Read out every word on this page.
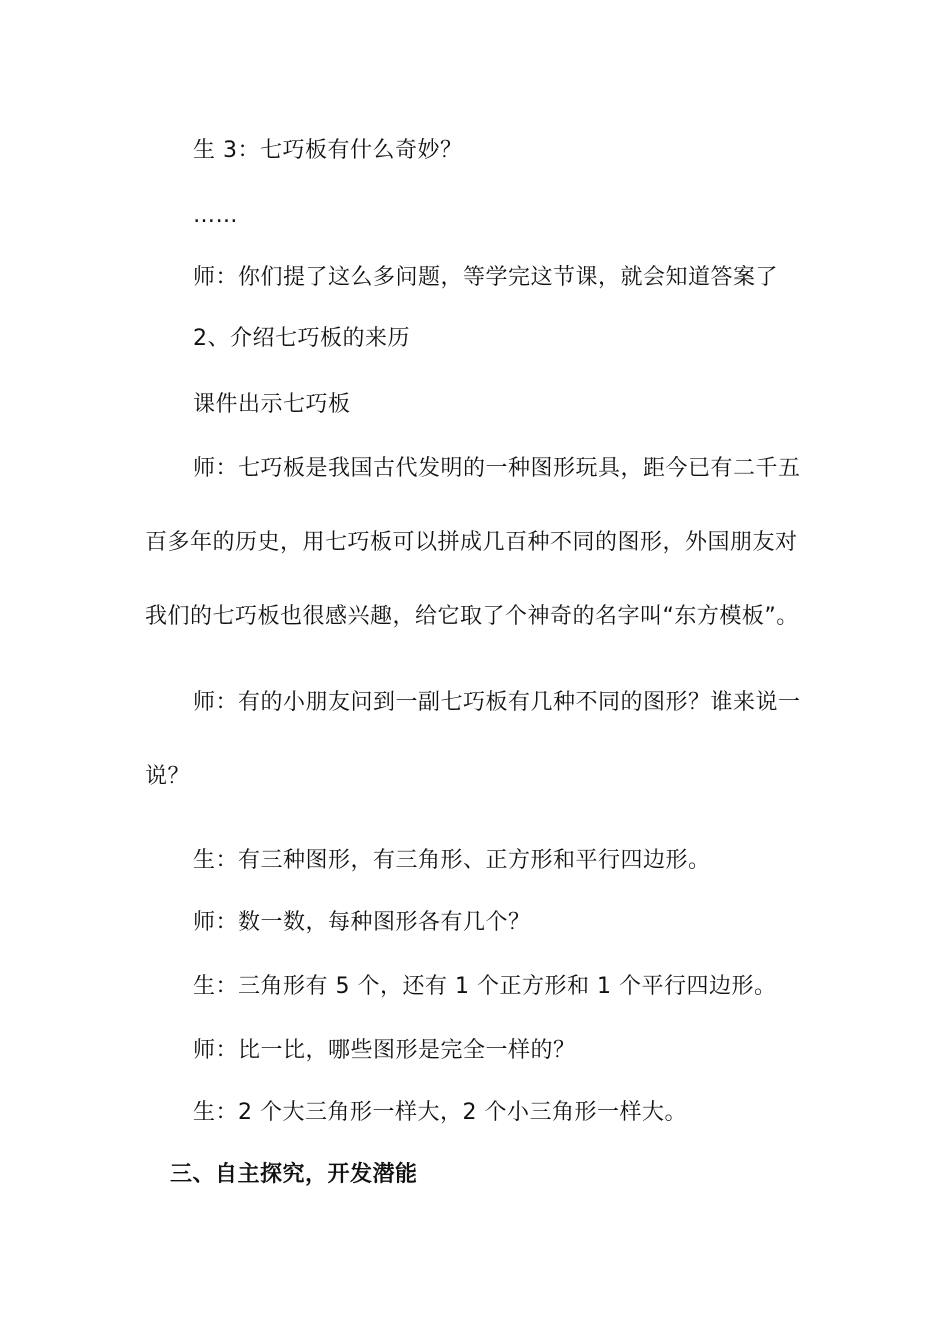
生 3：七巧板有什么奇妙？
……
师：你们提了这么多问题，等学完这节课，就会知道答案了
2、介绍七巧板的来历
课件出示七巧板
师：七巧板是我国古代发明的一种图形玩具，距今已有二千五
百多年的历史，用七巧板可以拼成几百种不同的图形，外国朋友对
我们的七巧板也很感兴趣，给它取了个神奇的名字叫“东方模板”。
师：有的小朋友问到一副七巧板有几种不同的图形？谁来说一
说？
生：有三种图形，有三角形、正方形和平行四边形。
师：数一数，每种图形各有几个？
生：三角形有 5 个，还有 1 个正方形和 1 个平行四边形。
师：比一比，哪些图形是完全一样的？
生：2 个大三角形一样大，2 个小三角形一样大。
三、自主探究，开发潜能
